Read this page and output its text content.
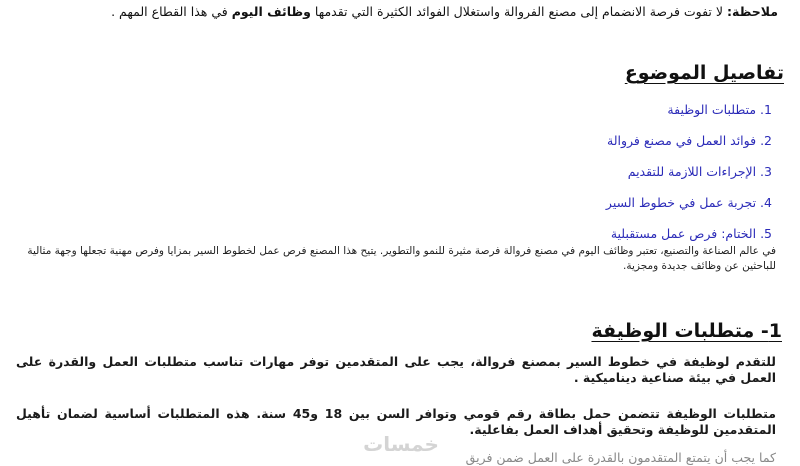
ملاحظة: لا تفوت فرصة الانضمام إلى مصنع الفروالة واستغلال الفوائد الكثيرة التي تقدمها وظائف اليوم في هذا القطاع المهم .
تفاصيل الموضوع
1. متطلبات الوظيفة
2. فوائد العمل في مصنع فروالة
3. الإجراءات اللازمة للتقديم
4. تجربة عمل في خطوط السير
5. الختام: فرص عمل مستقبلية
في عالم الصناعة والتصنيع، تعتبر وظائف اليوم في مصنع فروالة فرصة مثيرة للنمو والتطوير. يتيح هذا المصنع فرص عمل لخطوط السير بمزايا وفرص مهنية تجعلها وجهة مثالية للباحثين عن وظائف جديدة ومجزية.
1- متطلبات الوظيفة
للتقدم لوظيفة في خطوط السير بمصنع فروالة، يجب على المتقدمين توفر مهارات تناسب متطلبات العمل والقدرة على العمل في بيئة صناعية ديناميكية .
متطلبات الوظيفة تتضمن حمل بطاقة رقم قومي وتوافر السن بين 18 و45 سنة. هذه المتطلبات أساسية لضمان تأهيل المتقدمين للوظيفة وتحقيق أهداف العمل بفاعلية.
كما يجب أن يتمتع المتقدمون بالقدرة على العمل ضمن فريق
خمسات
